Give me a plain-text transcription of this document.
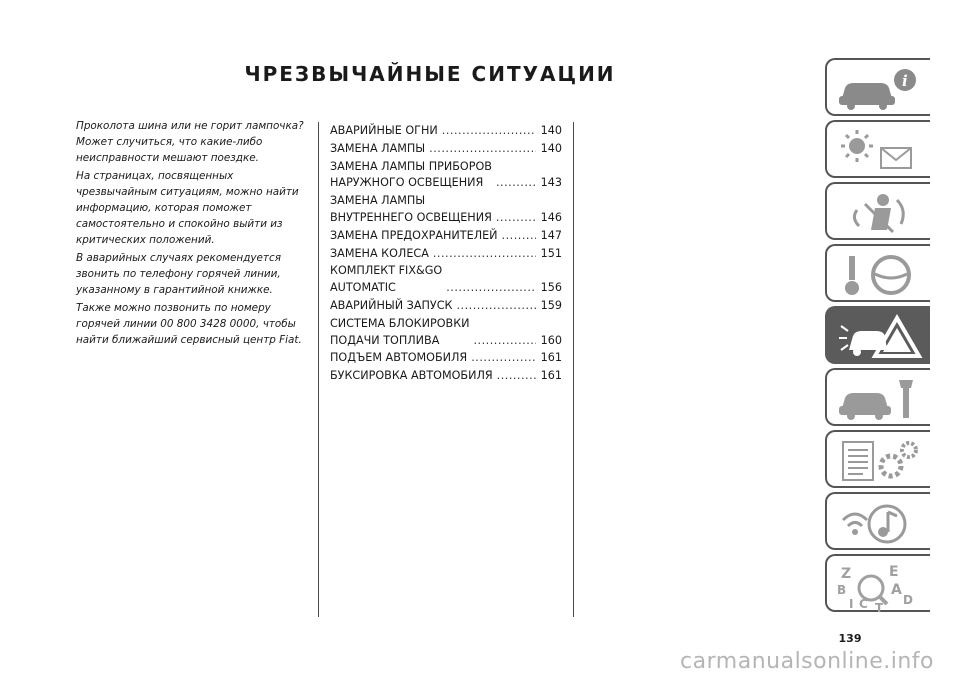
ЧРЕЗВЫЧАЙНЫЕ СИТУАЦИИ

Проколота шина или не горит лампочка? Может случиться, что какие-либо неисправности мешают поездке.

На страницах, посвященных чрезвычайным ситуациям, можно найти информацию, которая поможет самостоятельно и спокойно выйти из критических положений.

В аварийных случаях рекомендуется звонить по телефону горячей линии, указанному в гарантийной книжке.

Также можно позвонить по номеру горячей линии 00 800 3428 0000, чтобы найти ближайший сервисный центр Fiat.

АВАРИЙНЫЕ ОГНИ .....	140
ЗАМЕНА ЛАМПЫ .....	140
ЗАМЕНА ЛАМПЫ ПРИБОРОВ
НАРУЖНОГО ОСВЕЩЕНИЯ .....	143
ЗАМЕНА ЛАМПЫ
ВНУТРЕННЕГО ОСВЕЩЕНИЯ .....	146
ЗАМЕНА ПРЕДОХРАНИТЕЛЕЙ .....	147
ЗАМЕНА КОЛЕСА .....	151
КОМПЛЕКТ FIX&GO
AUTOMATIC .....	156
АВАРИЙНЫЙ ЗАПУСК .....	159
СИСТЕМА БЛОКИРОВКИ
ПОДАЧИ ТОПЛИВА .....	160
ПОДЪЕМ АВТОМОБИЛЯ .....	161
БУКСИРОВКА АВТОМОБИЛЯ .....	161
i
Z	E
B	A
I C T
D
139
carmanualsonline.info
